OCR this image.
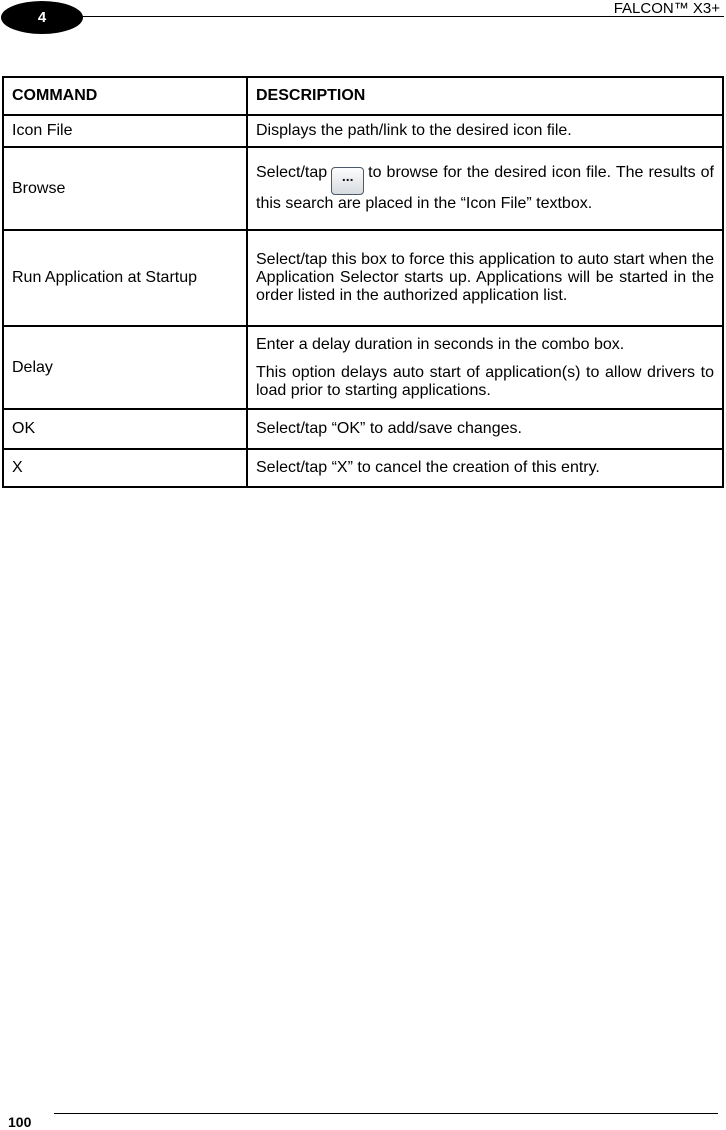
4
FALCON™ X3+
COMMAND	DESCRIPTION
Icon File	Displays the path/link to the desired icon file.
Browse	Select/tap ... to browse for the desired icon file. The results of this search are placed in the “Icon File” textbox.
Run Application at Startup	Select/tap this box to force this application to auto start when the Application Selector starts up. Applications will be started in the order listed in the authorized application list.
Delay	Enter a delay duration in seconds in the combo box.

This option delays auto start of application(s) to allow drivers to load prior to starting applications.

OK	Select/tap “OK” to add/save changes.
X	Select/tap “X” to cancel the creation of this entry.
100
